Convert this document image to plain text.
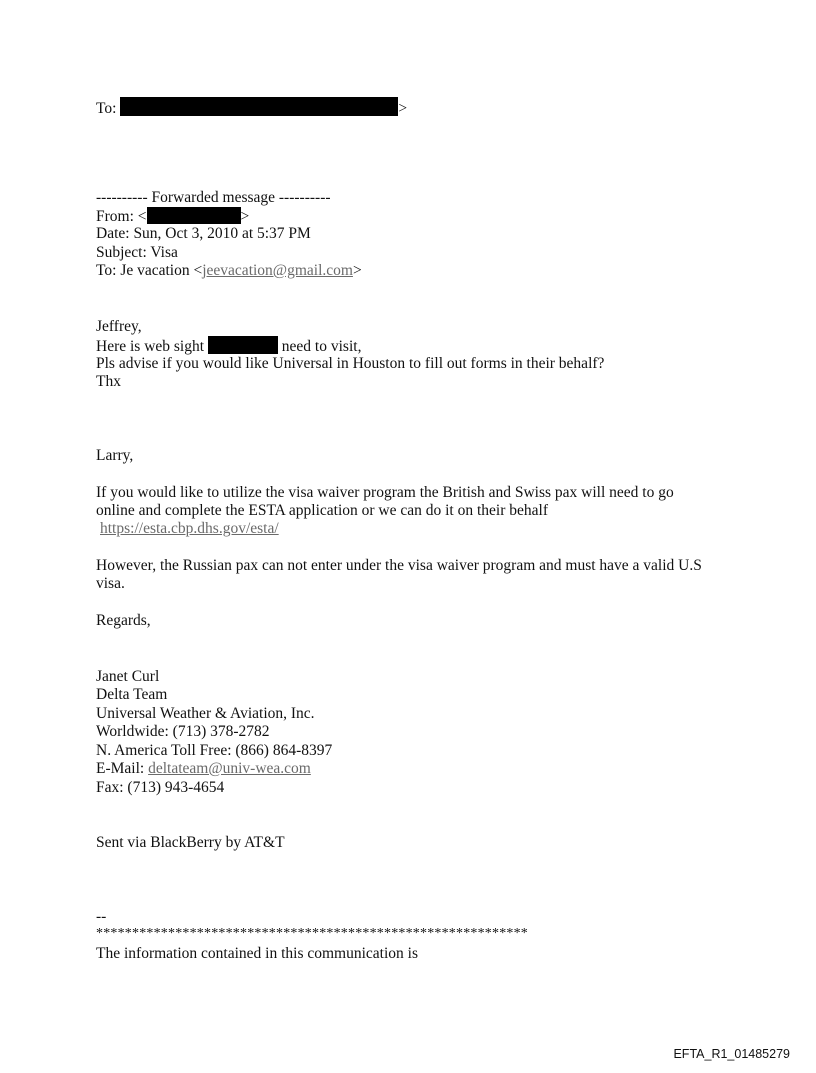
To:	>
---------- Forwarded message ----------
From: <	>
Date: Sun, Oct 3, 2010 at 5:37 PM
Subject: Visa
To: Je vacation <jeevacation@gmail.com>
Jeffrey,
Here is web sight	need to visit,
Pls advise if you would like Universal in Houston to fill out forms in their behalf?
Thx
Larry,
If you would like to utilize the visa waiver program the British and Swiss pax will need to go
online and complete the ESTA application or we can do it on their behalf
https://esta.cbp.dhs.gov/esta/
However, the Russian pax can not enter under the visa waiver program and must have a valid U.S
visa.
Regards,
Janet Curl
Delta Team
Universal Weather & Aviation, Inc.
Worldwide: (713) 378-2782
N. America Toll Free: (866) 864-8397
E-Mail: deltateam@univ-wea.com
Fax: (713) 943-4654
Sent via BlackBerry by AT&T
--
************************************************************
The information contained in this communication is
EFTA_R1_01485279
